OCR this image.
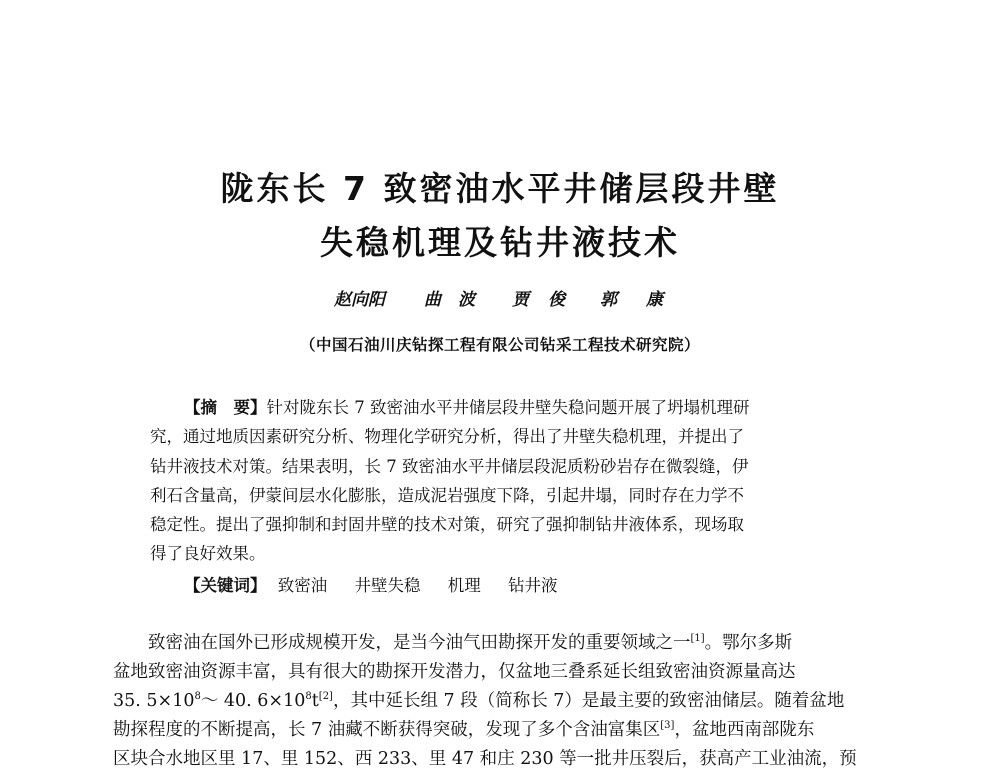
陇东长 7 致密油水平井储层段井壁
失稳机理及钻井液技术
赵向阳 曲 波 贾 俊 郭 康
（中国石油川庆钻探工程有限公司钻采工程技术研究院）
【摘　要】针对陇东长 7 致密油水平井储层段井壁失稳问题开展了坍塌机理研
究，通过地质因素研究分析、物理化学研究分析，得出了井壁失稳机理，并提出了
钻井液技术对策。结果表明，长 7 致密油水平井储层段泥质粉砂岩存在微裂缝，伊
利石含量高，伊蒙间层水化膨胀，造成泥岩强度下降，引起井塌，同时存在力学不
稳定性。提出了强抑制和封固井壁的技术对策，研究了强抑制钻井液体系，现场取
得了良好效果。
【关键词】 致密油 井壁失稳 机理 钻井液
致密油在国外已形成规模开发，是当今油气田勘探开发的重要领域之一[1]。鄂尔多斯
盆地致密油资源丰富，具有很大的勘探开发潜力，仅盆地三叠系延长组致密油资源量高达
35. $5\times 10^8\sim$ 40. $6\times 10^8t[2]$，其中延长组 7 段（简称长 7）是最主要的致密油储层。随着盆地
勘探程度的不断提高，长 7 油藏不断获得突破，发现了多个含油富集区[3]，盆地西南部陇东
区块合水地区里 17、里 152、西 233、里 47 和庄 230 等一批井压裂后，获高产工业油流，预
